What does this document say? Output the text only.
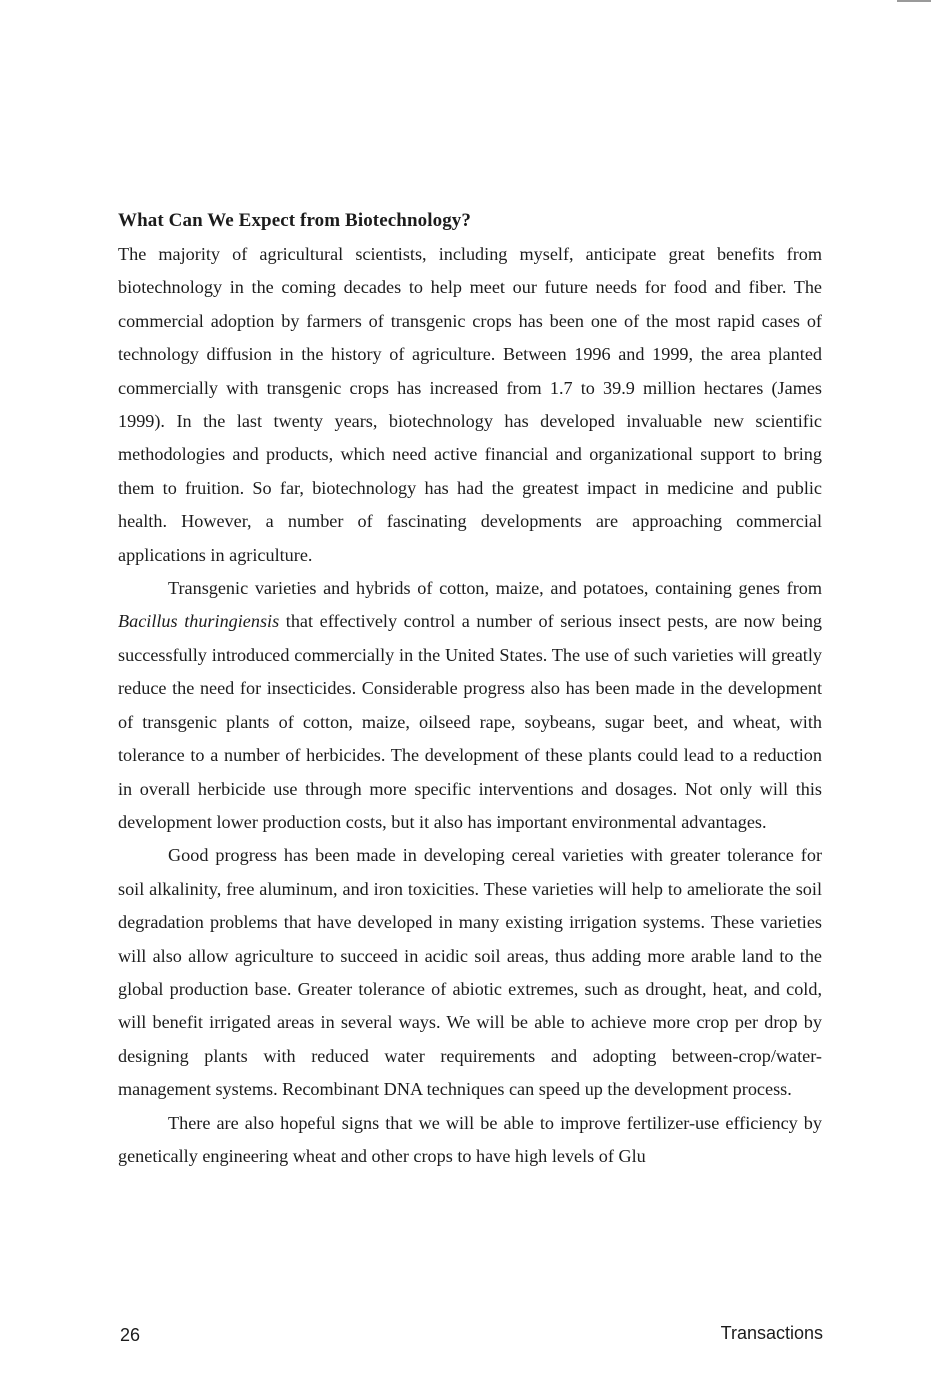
What Can We Expect from Biotechnology?

The majority of agricultural scientists, including myself, anticipate great benefits from biotechnology in the coming decades to help meet our future needs for food and fiber. The commercial adoption by farmers of transgenic crops has been one of the most rapid cases of technology diffusion in the history of agriculture. Between 1996 and 1999, the area planted commercially with transgenic crops has increased from 1.7 to 39.9 million hectares (James 1999). In the last twenty years, biotechnology has developed invaluable new scientific methodologies and products, which need active financial and organizational support to bring them to fruition. So far, biotechnology has had the greatest impact in medicine and public health. However, a number of fascinating developments are approaching commercial applications in agriculture.

Transgenic varieties and hybrids of cotton, maize, and potatoes, containing genes from Bacillus thuringiensis that effectively control a number of serious insect pests, are now being successfully introduced commercially in the United States. The use of such varieties will greatly reduce the need for insecticides. Considerable progress also has been made in the development of transgenic plants of cotton, maize, oilseed rape, soybeans, sugar beet, and wheat, with tolerance to a number of herbicides. The development of these plants could lead to a reduction in overall herbicide use through more specific interventions and dosages. Not only will this development lower production costs, but it also has important environmental advantages.

Good progress has been made in developing cereal varieties with greater tolerance for soil alkalinity, free aluminum, and iron toxicities. These varieties will help to ameliorate the soil degradation problems that have developed in many existing irrigation systems. These varieties will also allow agriculture to succeed in acidic soil areas, thus adding more arable land to the global production base. Greater tolerance of abiotic extremes, such as drought, heat, and cold, will benefit irrigated areas in several ways. We will be able to achieve more crop per drop by designing plants with reduced water requirements and adopting between-crop/water-management systems. Recombinant DNA techniques can speed up the development process.

There are also hopeful signs that we will be able to improve fertilizer-use efficiency by genetically engineering wheat and other crops to have high levels of Glu

26	Transactions
